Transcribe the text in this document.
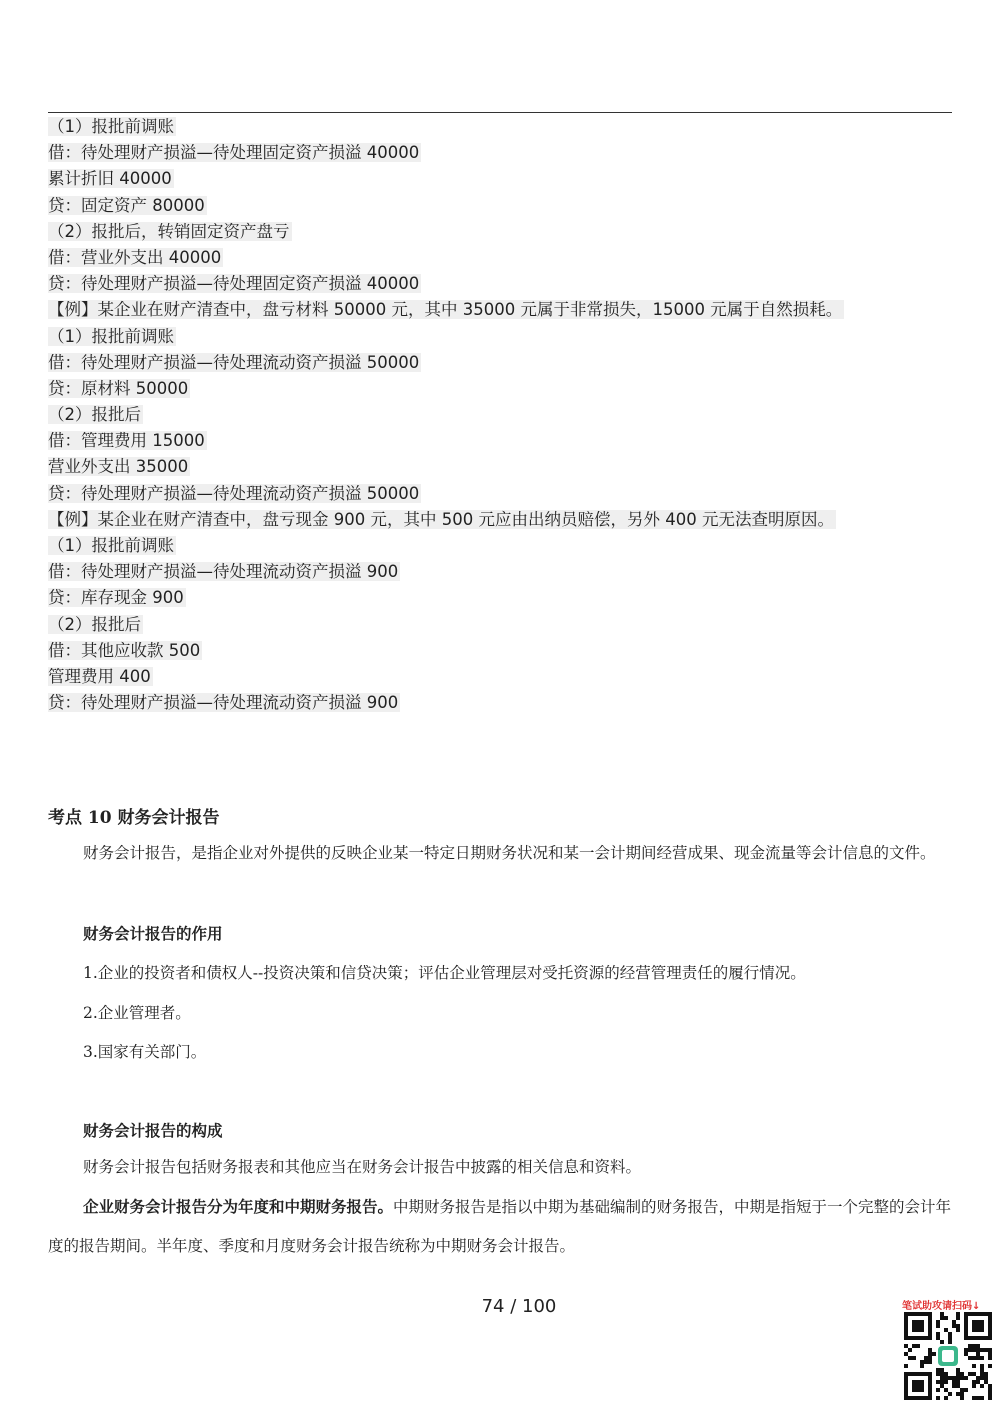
（1）报批前调账
借：待处理财产损溢—待处理固定资产损溢 40000
累计折旧 40000
贷：固定资产 80000
（2）报批后，转销固定资产盘亏
借：营业外支出 40000
贷：待处理财产损溢—待处理固定资产损溢 40000
【例】某企业在财产清查中，盘亏材料 50000 元，其中 35000 元属于非常损失，15000 元属于自然损耗。
（1）报批前调账
借：待处理财产损溢—待处理流动资产损溢 50000
贷：原材料 50000
（2）报批后
借：管理费用 15000
营业外支出 35000
贷：待处理财产损溢—待处理流动资产损溢 50000
【例】某企业在财产清查中，盘亏现金 900 元，其中 500 元应由出纳员赔偿，另外 400 元无法查明原因。
（1）报批前调账
借：待处理财产损溢—待处理流动资产损溢 900
贷：库存现金 900
（2）报批后
借：其他应收款 500
管理费用 400
贷：待处理财产损溢—待处理流动资产损溢 900
考点 10 财务会计报告
财务会计报告，是指企业对外提供的反映企业某一特定日期财务状况和某一会计期间经营成果、现金流量等会计信息的文件。
财务会计报告的作用
1.企业的投资者和债权人--投资决策和信贷决策；评估企业管理层对受托资源的经营管理责任的履行情况。
2.企业管理者。
3.国家有关部门。
财务会计报告的构成
财务会计报告包括财务报表和其他应当在财务会计报告中披露的相关信息和资料。
企业财务会计报告分为年度和中期财务报告。中期财务报告是指以中期为基础编制的财务报告，中期是指短于一个完整的会计年度的报告期间。半年度、季度和月度财务会计报告统称为中期财务会计报告。
74 / 100	笔试助攻请扫码↓
